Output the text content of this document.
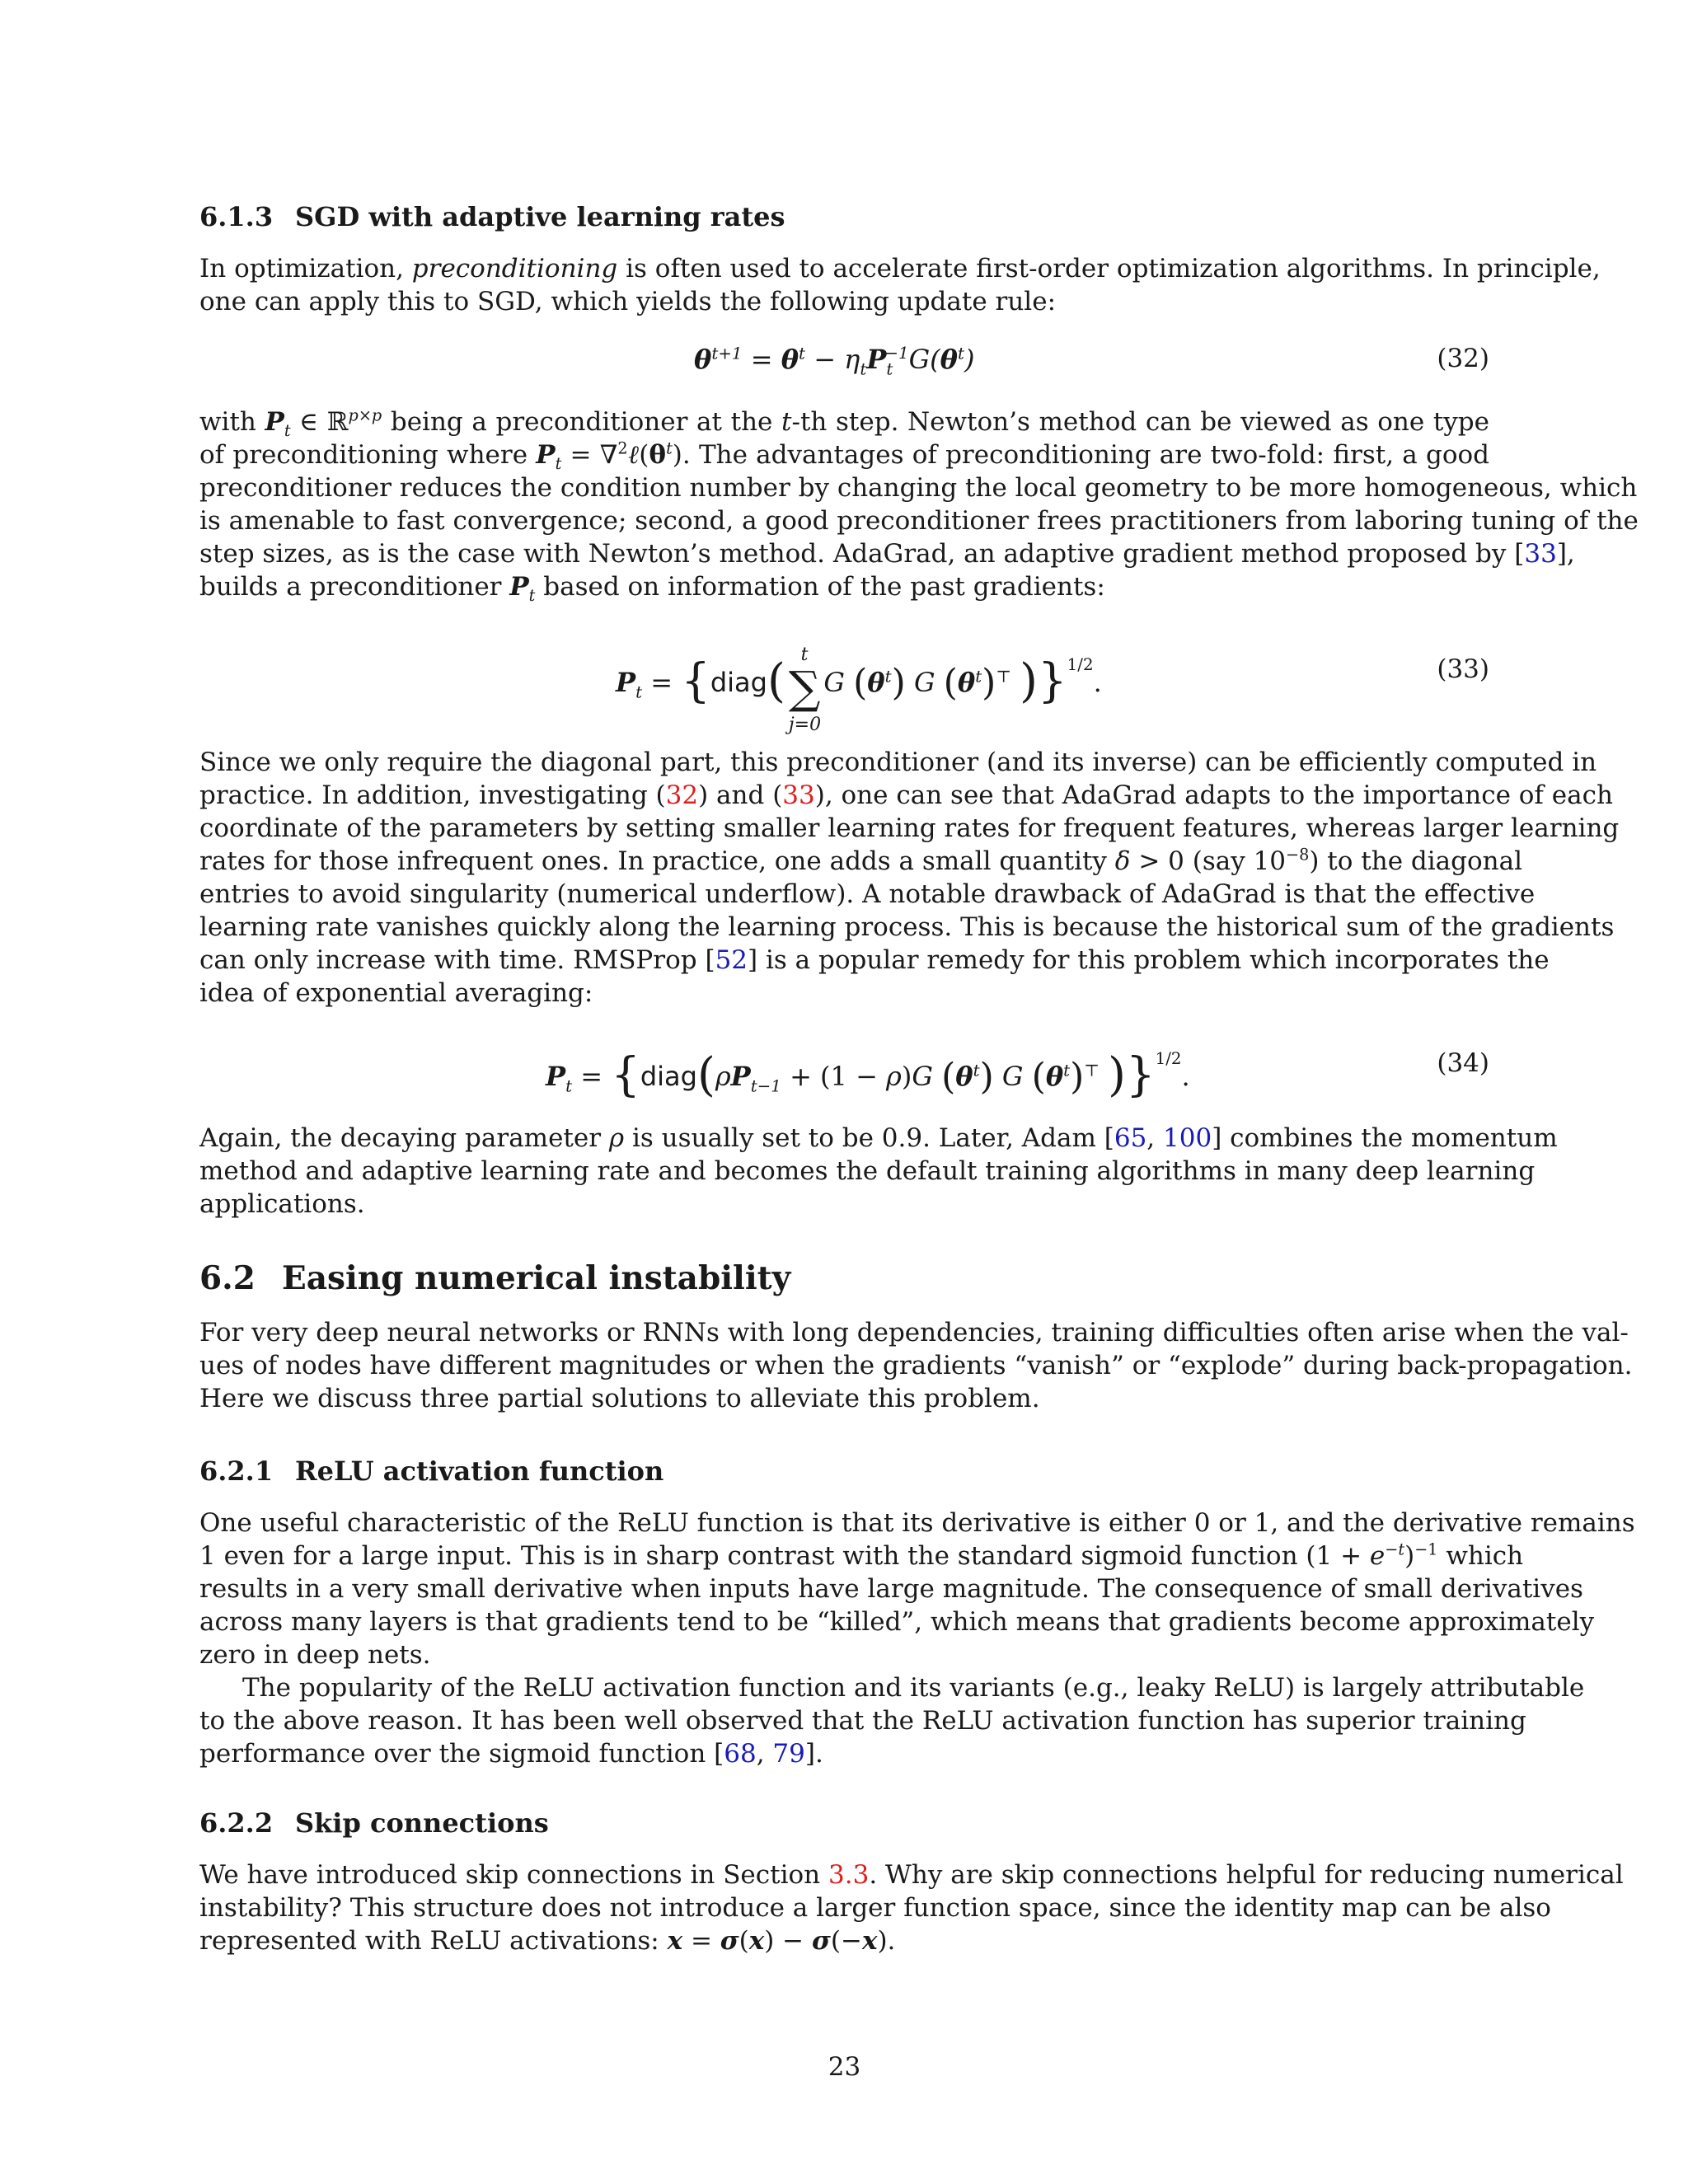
6.1.3 SGD with adaptive learning rates
In optimization, preconditioning is often used to accelerate first-order optimization algorithms. In principle,
one can apply this to SGD, which yields the following update rule:
$\theta^{t+1} = \theta^t - \eta_tP_t^{-1}G(\theta^t)$	(32)
with $P_t$ ∈ ℝ$^{p\times p}$ being a preconditioner at the t-th step. Newton’s method can be viewed as one type
of preconditioning where $P_t$ = $\nabla^2\ell(\theta^t)$. The advantages of preconditioning are two-fold: first, a good
preconditioner reduces the condition number by changing the local geometry to be more homogeneous, which
is amenable to fast convergence; second, a good preconditioner frees practitioners from laboring tuning of the
step sizes, as is the case with Newton’s method. AdaGrad, an adaptive gradient method proposed by [33],
builds a preconditioner $P_t$ based on information of the past gradients:
$P_t$ = {diag( t
∑
j=0
G $(\theta^t)$ G $(\theta^t)^⊤$ )}$^{1/2}$.	(33)
Since we only require the diagonal part, this preconditioner (and its inverse) can be efficiently computed in
practice. In addition, investigating (32) and (33), one can see that AdaGrad adapts to the importance of each
coordinate of the parameters by setting smaller learning rates for frequent features, whereas larger learning
rates for those infrequent ones. In practice, one adds a small quantity δ > 0 (say $10^{-8}$) to the diagonal
entries to avoid singularity (numerical underflow). A notable drawback of AdaGrad is that the effective
learning rate vanishes quickly along the learning process. This is because the historical sum of the gradients
can only increase with time. RMSProp [52] is a popular remedy for this problem which incorporates the
idea of exponential averaging:
$P_t$ = {$diag(\rho P_{t-1} + (1 - \rho)G$ $(\theta^t)$ G $(\theta^t)^⊤$ )}$^{1/2}$.	(34)
Again, the decaying parameter ρ is usually set to be 0.9. Later, Adam [65, 100] combines the momentum
method and adaptive learning rate and becomes the default training algorithms in many deep learning
applications.
6.2 Easing numerical instability
For very deep neural networks or RNNs with long dependencies, training difficulties often arise when the val-
ues of nodes have different magnitudes or when the gradients “vanish” or “explode” during back-propagation.
Here we discuss three partial solutions to alleviate this problem.
6.2.1 ReLU activation function
One useful characteristic of the ReLU function is that its derivative is either 0 or 1, and the derivative remains
1 even for a large input. This is in sharp contrast with the standard sigmoid function $(1 + e^{-t})^{-1}$ which
results in a very small derivative when inputs have large magnitude. The consequence of small derivatives
across many layers is that gradients tend to be “killed”, which means that gradients become approximately
zero in deep nets.
The popularity of the ReLU activation function and its variants (e.g., leaky ReLU) is largely attributable
to the above reason. It has been well observed that the ReLU activation function has superior training
performance over the sigmoid function [68, 79].
6.2.2 Skip connections
We have introduced skip connections in Section 3.3. Why are skip connections helpful for reducing numerical
instability? This structure does not introduce a larger function space, since the identity map can be also
represented with ReLU activations: x = σ(x) − σ(−x).
23
